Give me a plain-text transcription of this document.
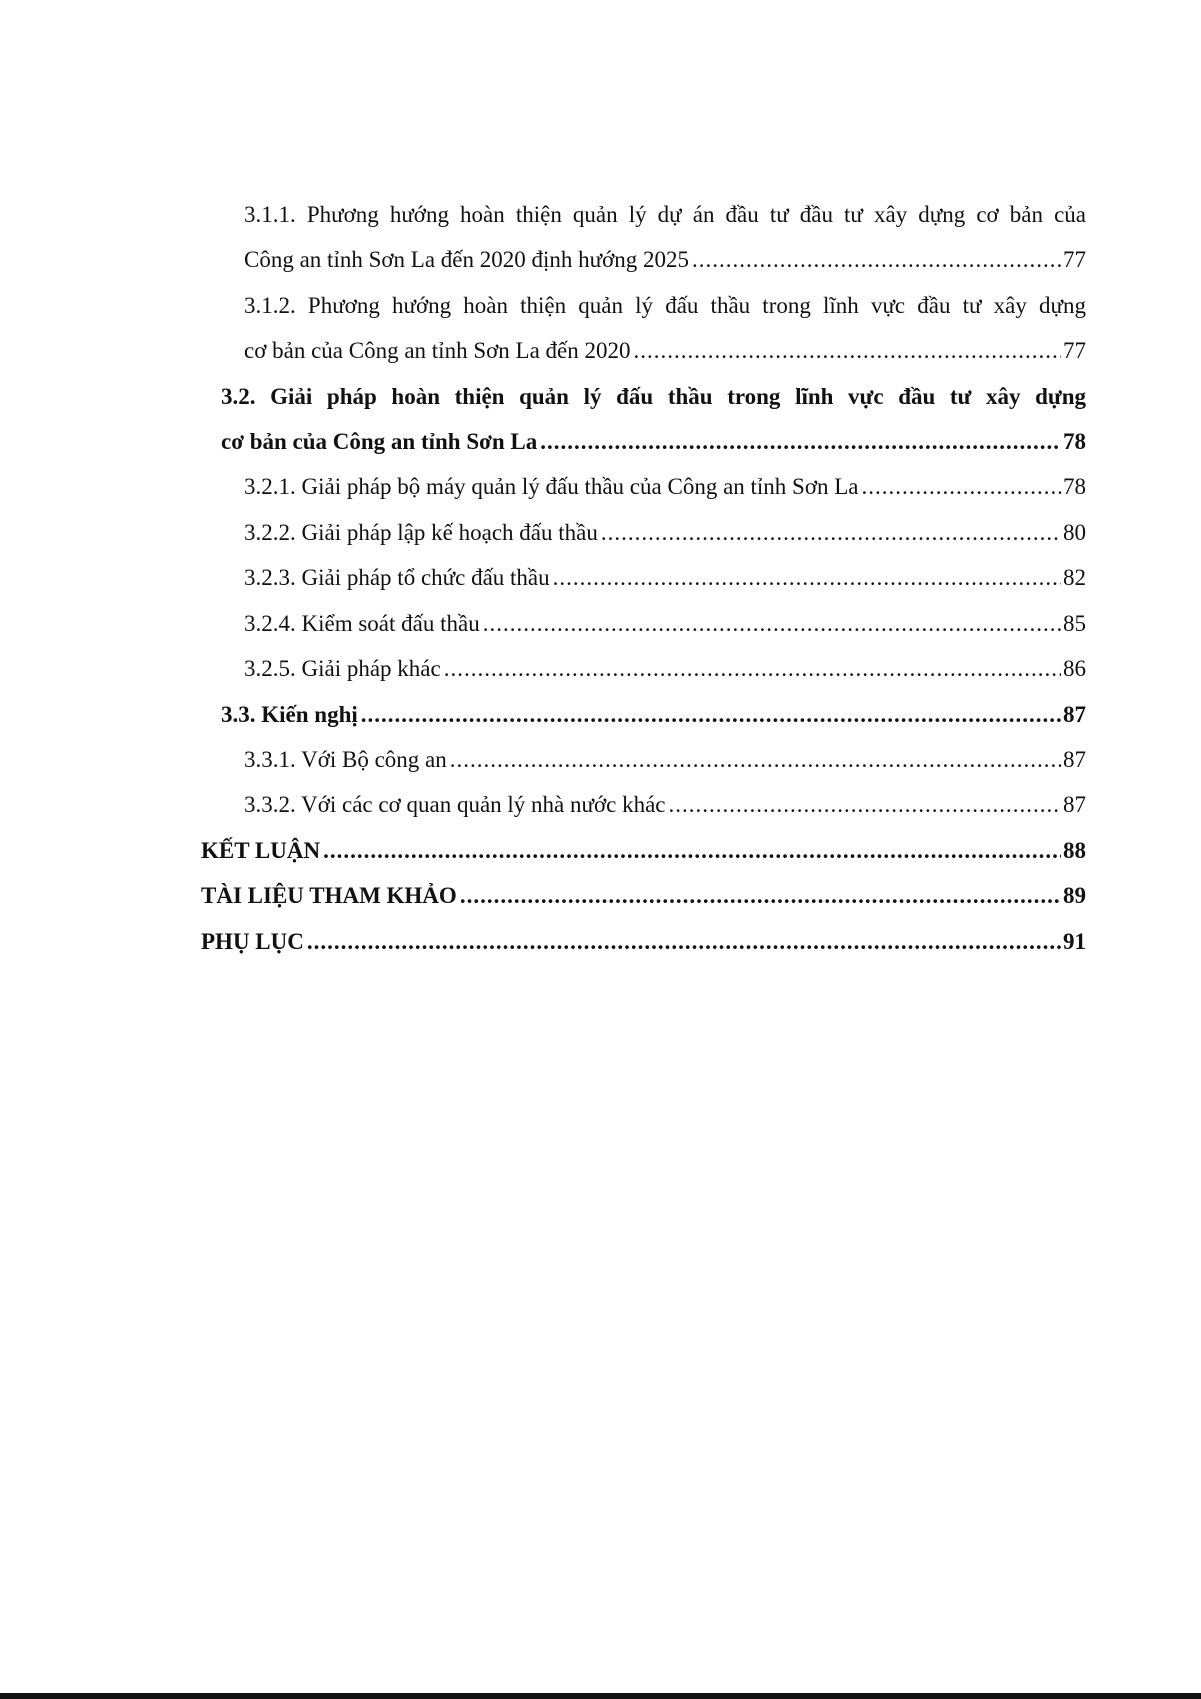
3.1.1. Phương hướng hoàn thiện quản lý dự án đầu tư đầu tư xây dựng cơ bản của
Công an tỉnh Sơn La đến 2020 định hướng 2025 .....	77
3.1.2. Phương hướng hoàn thiện quản lý đấu thầu trong lĩnh vực đầu tư xây dựng
cơ bản của Công an tỉnh Sơn La đến 2020 .....	77
3.2. Giải pháp hoàn thiện quản lý đấu thầu trong lĩnh vực đầu tư xây dựng
cơ bản của Công an tỉnh Sơn La .....	78
3.2.1. Giải pháp bộ máy quản lý đấu thầu của Công an tỉnh Sơn La .....	78
3.2.2. Giải pháp lập kế hoạch đấu thầu .....	80
3.2.3. Giải pháp tổ chức đấu thầu .....	82
3.2.4. Kiểm soát đấu thầu .....	85
3.2.5. Giải pháp khác .....	86
3.3. Kiến nghị .....	87
3.3.1. Với Bộ công an .....	87
3.3.2. Với các cơ quan quản lý nhà nước khác .....	87
KẾT LUẬN .....	88
TÀI LIỆU THAM KHẢO .....	89
PHỤ LỤC .....	91
